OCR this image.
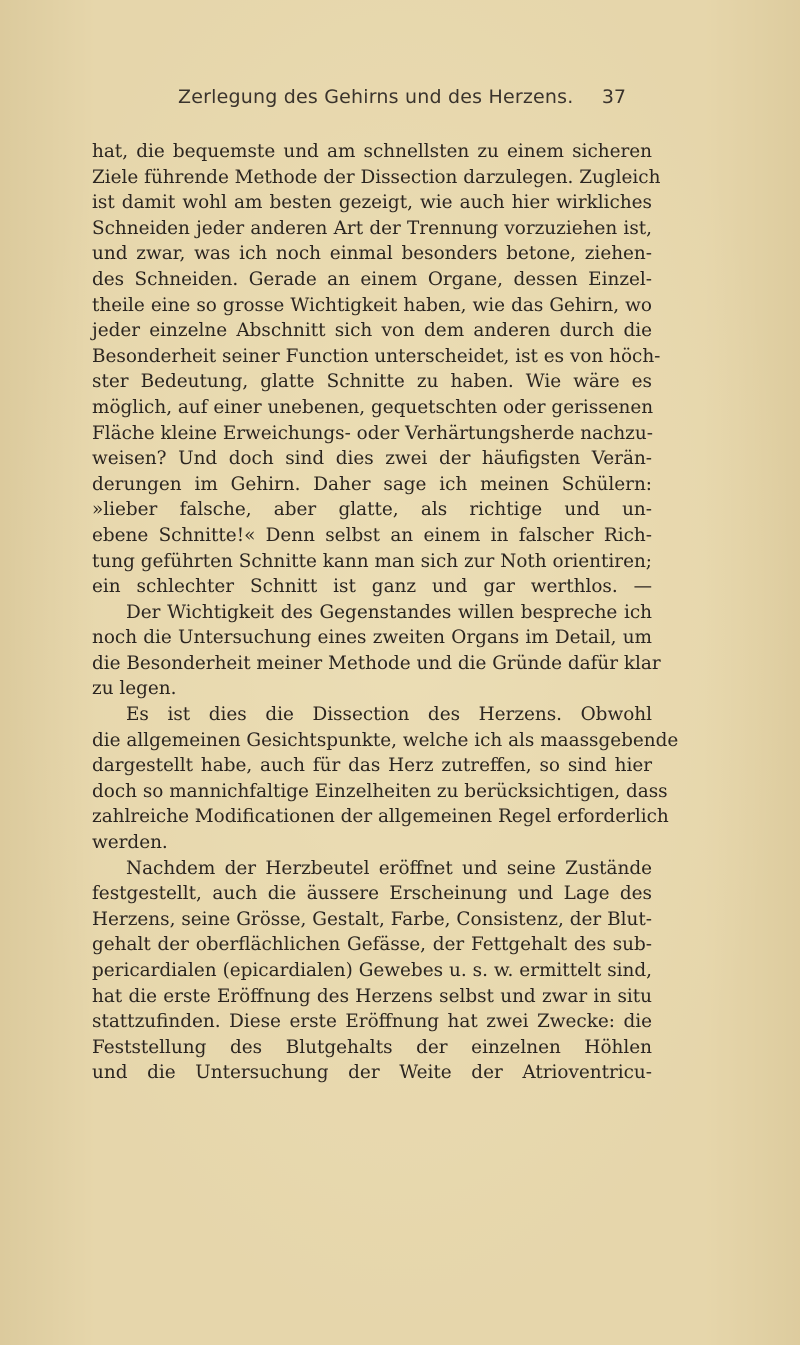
Zerlegung des Gehirns und des Herzens. 37
hat, die bequemste und am schnellsten zu einem sicheren
Ziele führende Methode der Dissection darzulegen. Zugleich
ist damit wohl am besten gezeigt, wie auch hier wirkliches
Schneiden jeder anderen Art der Trennung vorzuziehen ist,
und zwar, was ich noch einmal besonders betone, ziehen-
des Schneiden. Gerade an einem Organe, dessen Einzel-
theile eine so grosse Wichtigkeit haben, wie das Gehirn, wo
jeder einzelne Abschnitt sich von dem anderen durch die
Besonderheit seiner Function unterscheidet, ist es von höch-
ster Bedeutung, glatte Schnitte zu haben. Wie wäre es
möglich, auf einer unebenen, gequetschten oder gerissenen
Fläche kleine Erweichungs- oder Verhärtungsherde nachzu-
weisen? Und doch sind dies zwei der häufigsten Verän-
derungen im Gehirn. Daher sage ich meinen Schülern:
»lieber falsche, aber glatte, als richtige und un-
ebene Schnitte!« Denn selbst an einem in falscher Rich-
tung geführten Schnitte kann man sich zur Noth orientiren;
ein schlechter Schnitt ist ganz und gar werthlos. —
Der Wichtigkeit des Gegenstandes willen bespreche ich
noch die Untersuchung eines zweiten Organs im Detail, um
die Besonderheit meiner Methode und die Gründe dafür klar
zu legen.
Es ist dies die Dissection des Herzens. Obwohl
die allgemeinen Gesichtspunkte, welche ich als maassgebende
dargestellt habe, auch für das Herz zutreffen, so sind hier
doch so mannichfaltige Einzelheiten zu berücksichtigen, dass
zahlreiche Modificationen der allgemeinen Regel erforderlich
werden.
Nachdem der Herzbeutel eröffnet und seine Zustände
festgestellt, auch die äussere Erscheinung und Lage des
Herzens, seine Grösse, Gestalt, Farbe, Consistenz, der Blut-
gehalt der oberflächlichen Gefässe, der Fettgehalt des sub-
pericardialen (epicardialen) Gewebes u. s. w. ermittelt sind,
hat die erste Eröffnung des Herzens selbst und zwar in situ
stattzufinden. Diese erste Eröffnung hat zwei Zwecke: die
Feststellung des Blutgehalts der einzelnen Höhlen
und die Untersuchung der Weite der Atrioventricu-
